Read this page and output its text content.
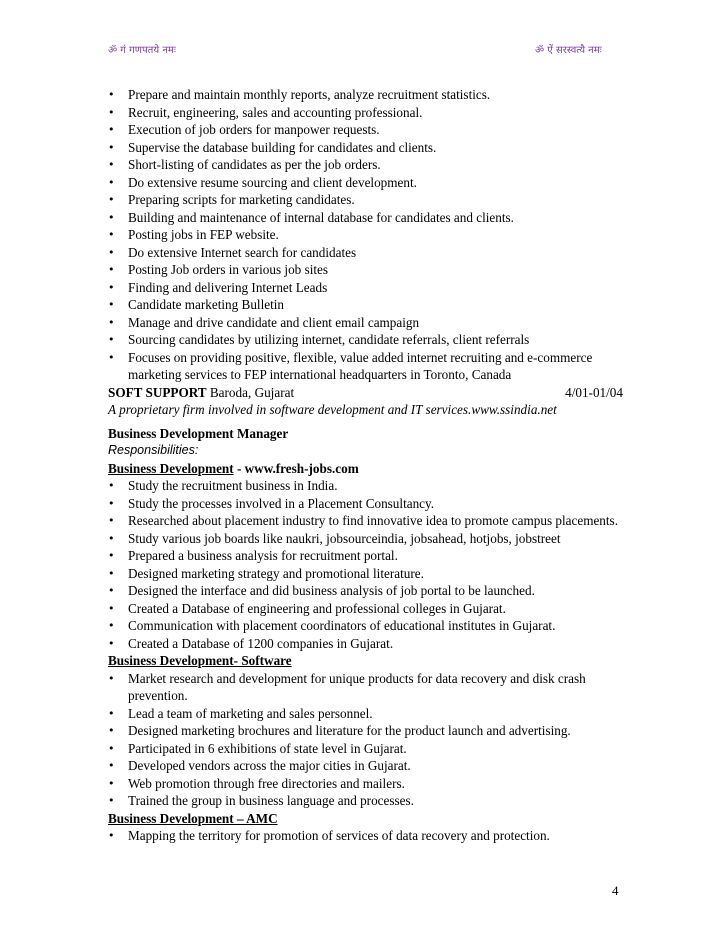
ॐ गं गणपतये नमः	ॐ ऐं सरस्वत्यै नमः
• Prepare and maintain monthly reports, analyze recruitment statistics.
• Recruit, engineering, sales and accounting professional.
• Execution of job orders for manpower requests.
• Supervise the database building for candidates and clients.
• Short-listing of candidates as per the job orders.
• Do extensive resume sourcing and client development.
• Preparing scripts for marketing candidates.
• Building and maintenance of internal database for candidates and clients.
• Posting jobs in FEP website.
• Do extensive Internet search for candidates
• Posting Job orders in various job sites
• Finding and delivering Internet Leads
• Candidate marketing Bulletin
• Manage and drive candidate and client email campaign
• Sourcing candidates by utilizing internet, candidate referrals, client referrals
• Focuses on providing positive, flexible, value added internet recruiting and e-commerce marketing services to FEP international headquarters in Toronto, Canada
SOFT SUPPORT Baroda, Gujarat	4/01-01/04
A proprietary firm involved in software development and IT services.www.ssindia.net
Business Development Manager
Responsibilities:
Business Development - www.fresh-jobs.com
• Study the recruitment business in India.
• Study the processes involved in a Placement Consultancy.
• Researched about placement industry to find innovative idea to promote campus placements.
• Study various job boards like naukri, jobsourceindia, jobsahead, hotjobs, jobstreet
• Prepared a business analysis for recruitment portal.
• Designed marketing strategy and promotional literature.
• Designed the interface and did business analysis of job portal to be launched.
• Created a Database of engineering and professional colleges in Gujarat.
• Communication with placement coordinators of educational institutes in Gujarat.
• Created a Database of 1200 companies in Gujarat.
Business Development- Software
• Market research and development for unique products for data recovery and disk crash prevention.
• Lead a team of marketing and sales personnel.
• Designed marketing brochures and literature for the product launch and advertising.
• Participated in 6 exhibitions of state level in Gujarat.
• Developed vendors across the major cities in Gujarat.
• Web promotion through free directories and mailers.
• Trained the group in business language and processes.
Business Development – AMC
• Mapping the territory for promotion of services of data recovery and protection.
4
